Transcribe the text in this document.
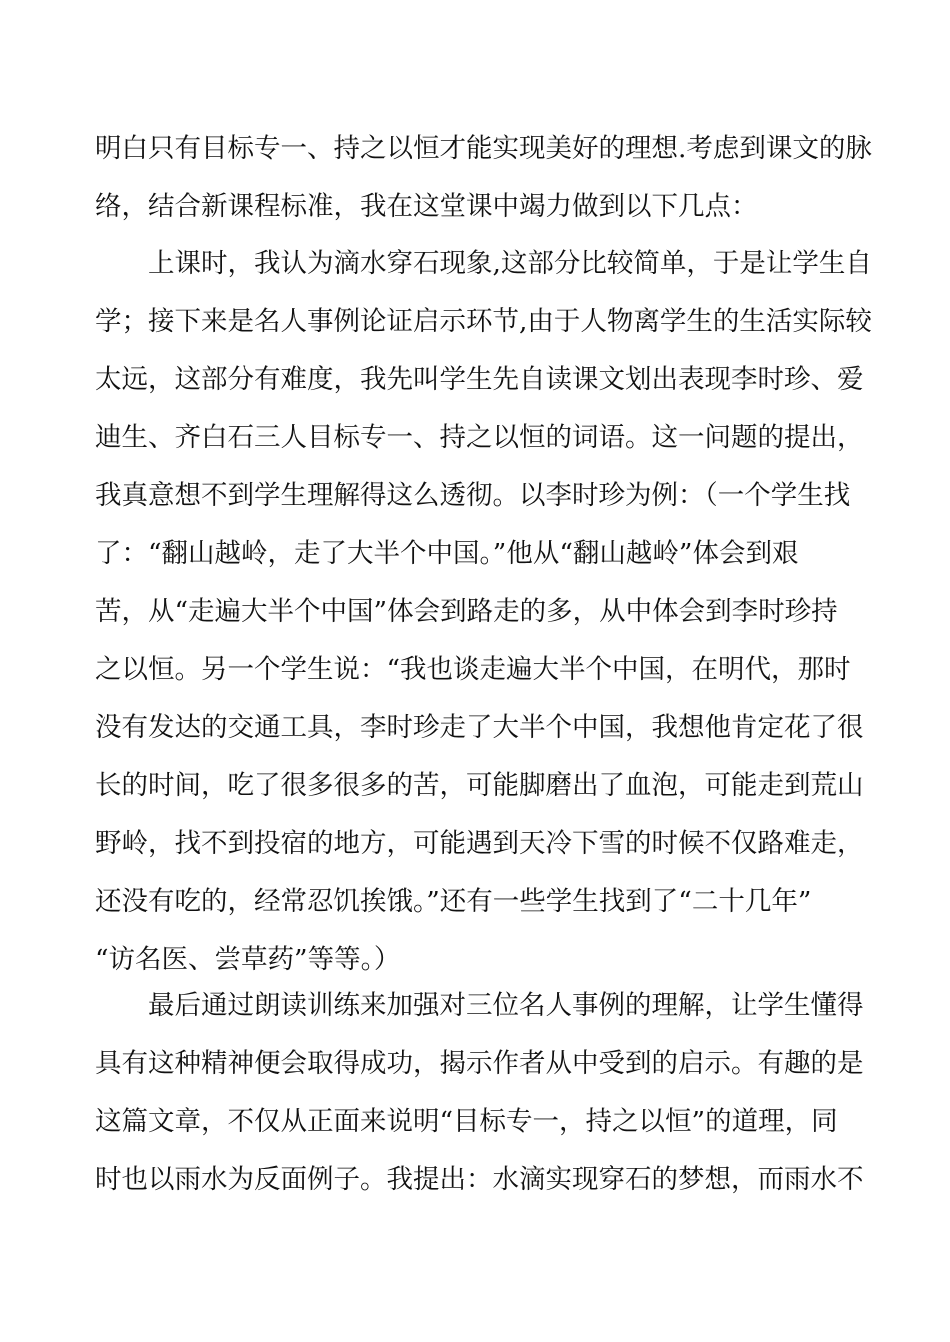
明白只有目标专一、持之以恒才能实现美好的理想.考虑到课文的脉
络，结合新课程标准，我在这堂课中竭力做到以下几点：
上课时，我认为滴水穿石现象,这部分比较简单，于是让学生自
学；接下来是名人事例论证启示环节,由于人物离学生的生活实际较
太远，这部分有难度，我先叫学生先自读课文划出表现李时珍、爱
迪生、齐白石三人目标专一、持之以恒的词语。这一问题的提出，
我真意想不到学生理解得这么透彻。以李时珍为例：（一个学生找
了：“翻山越岭，走了大半个中国。”他从“翻山越岭”体会到艰
苦，从“走遍大半个中国”体会到路走的多，从中体会到李时珍持
之以恒。另一个学生说：“我也谈走遍大半个中国，在明代，那时
没有发达的交通工具，李时珍走了大半个中国，我想他肯定花了很
长的时间，吃了很多很多的苦，可能脚磨出了血泡，可能走到荒山
野岭，找不到投宿的地方，可能遇到天冷下雪的时候不仅路难走，
还没有吃的，经常忍饥挨饿。”还有一些学生找到了“二十几年”
“访名医、尝草药”等等。）
最后通过朗读训练来加强对三位名人事例的理解，让学生懂得
具有这种精神便会取得成功，揭示作者从中受到的启示。有趣的是
这篇文章，不仅从正面来说明“目标专一，持之以恒”的道理，同
时也以雨水为反面例子。我提出：水滴实现穿石的梦想，而雨水不
